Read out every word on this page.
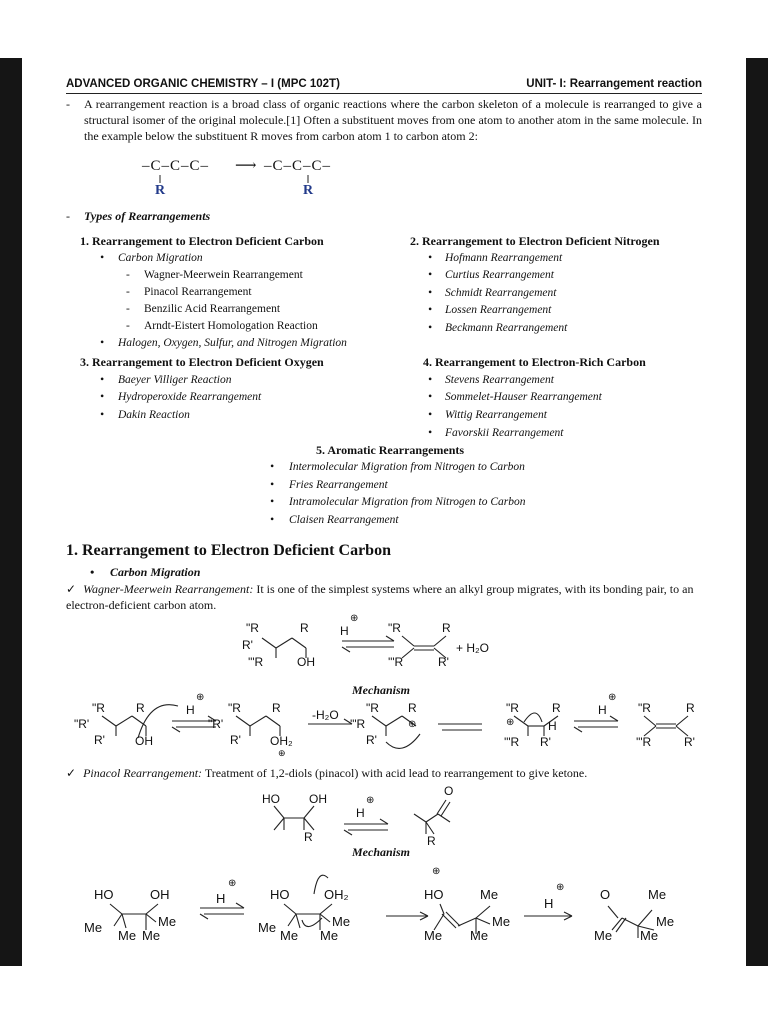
ADVANCED ORGANIC CHEMISTRY – I (MPC 102T)	UNIT- I: Rearrangement reaction
- A rearrangement reaction is a broad class of organic reactions where the carbon skeleton of a molecule is rearranged to give a structural isomer of the original molecule.[1] Often a substituent moves from one atom to another atom in the same molecule. In the example below the substituent R moves from carbon atom 1 to carbon atom 2:
–C–C–C– ⟶ –C–C–C–
R	R
- Types of Rearrangements
1. Rearrangement to Electron Deficient Carbon
• Carbon Migration
- Wagner-Meerwein Rearrangement
- Pinacol Rearrangement
- Benzilic Acid Rearrangement
- Arndt-Eistert Homologation Reaction
• Halogen, Oxygen, Sulfur, and Nitrogen Migration
2. Rearrangement to Electron Deficient Nitrogen
• Hofmann Rearrangement
• Curtius Rearrangement
• Schmidt Rearrangement
• Lossen Rearrangement
• Beckmann Rearrangement
3. Rearrangement to Electron Deficient Oxygen
• Baeyer Villiger Reaction
• Hydroperoxide Rearrangement
• Dakin Reaction
4. Rearrangement to Electron-Rich Carbon
• Stevens Rearrangement
• Sommelet-Hauser Rearrangement
• Wittig Rearrangement
• Favorskii Rearrangement
5. Aromatic Rearrangements
• Intermolecular Migration from Nitrogen to Carbon
• Fries Rearrangement
• Intramolecular Migration from Nitrogen to Carbon
• Claisen Rearrangement
1. Rearrangement to Electron Deficient Carbon
• Carbon Migration
✓ Wagner-Meerwein Rearrangement: It is one of the simplest systems where an alkyl group migrates, with its bonding pair, to an electron-deficient carbon atom.
"R	R
R'
'"R	OH
H
⊕
"R	R
'"R	R'
+ H₂O
Mechanism
"R	R
"R'
R'	OH
H
⊕
"R	R
"R'
R' OH₂
⊕
-H₂O "R R
'"R
R'
⊕
"R	R
⊕	H
'"R R'
H
⊕
"R	R
'"R	R'
✓ Pinacol Rearrangement: Treatment of 1,2-diols (pinacol) with acid lead to rearrangement to give ketone.
HO OH
R
H
⊕
O
R
Mechanism
HO	OH
Me	Me
Me Me
H
⊕
HO	OH₂
Me	Me
Me Me
⊕
HO	Me
Me
Me Me
H
⊕	O	Me
Me
Me Me
